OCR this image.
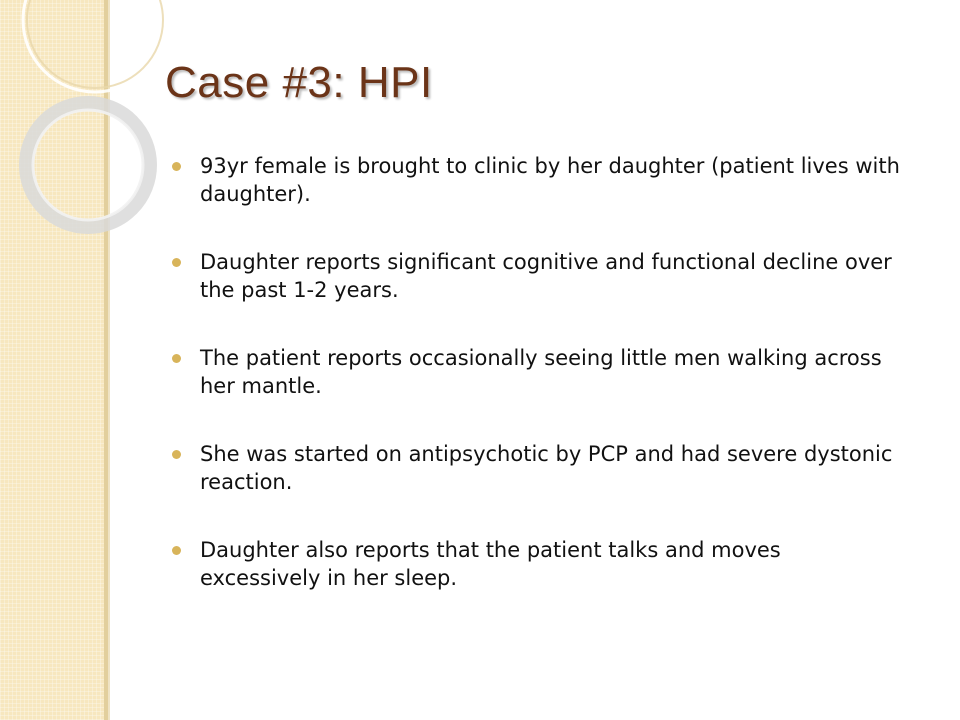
Case #3: HPI
93yr female is brought to clinic by her daughter (patient lives with daughter).
Daughter reports significant cognitive and functional decline over the past 1-2 years.
The patient reports occasionally seeing little men walking across her mantle.
She was started on antipsychotic by PCP and had severe dystonic reaction.
Daughter also reports that the patient talks and moves excessively in her sleep.
